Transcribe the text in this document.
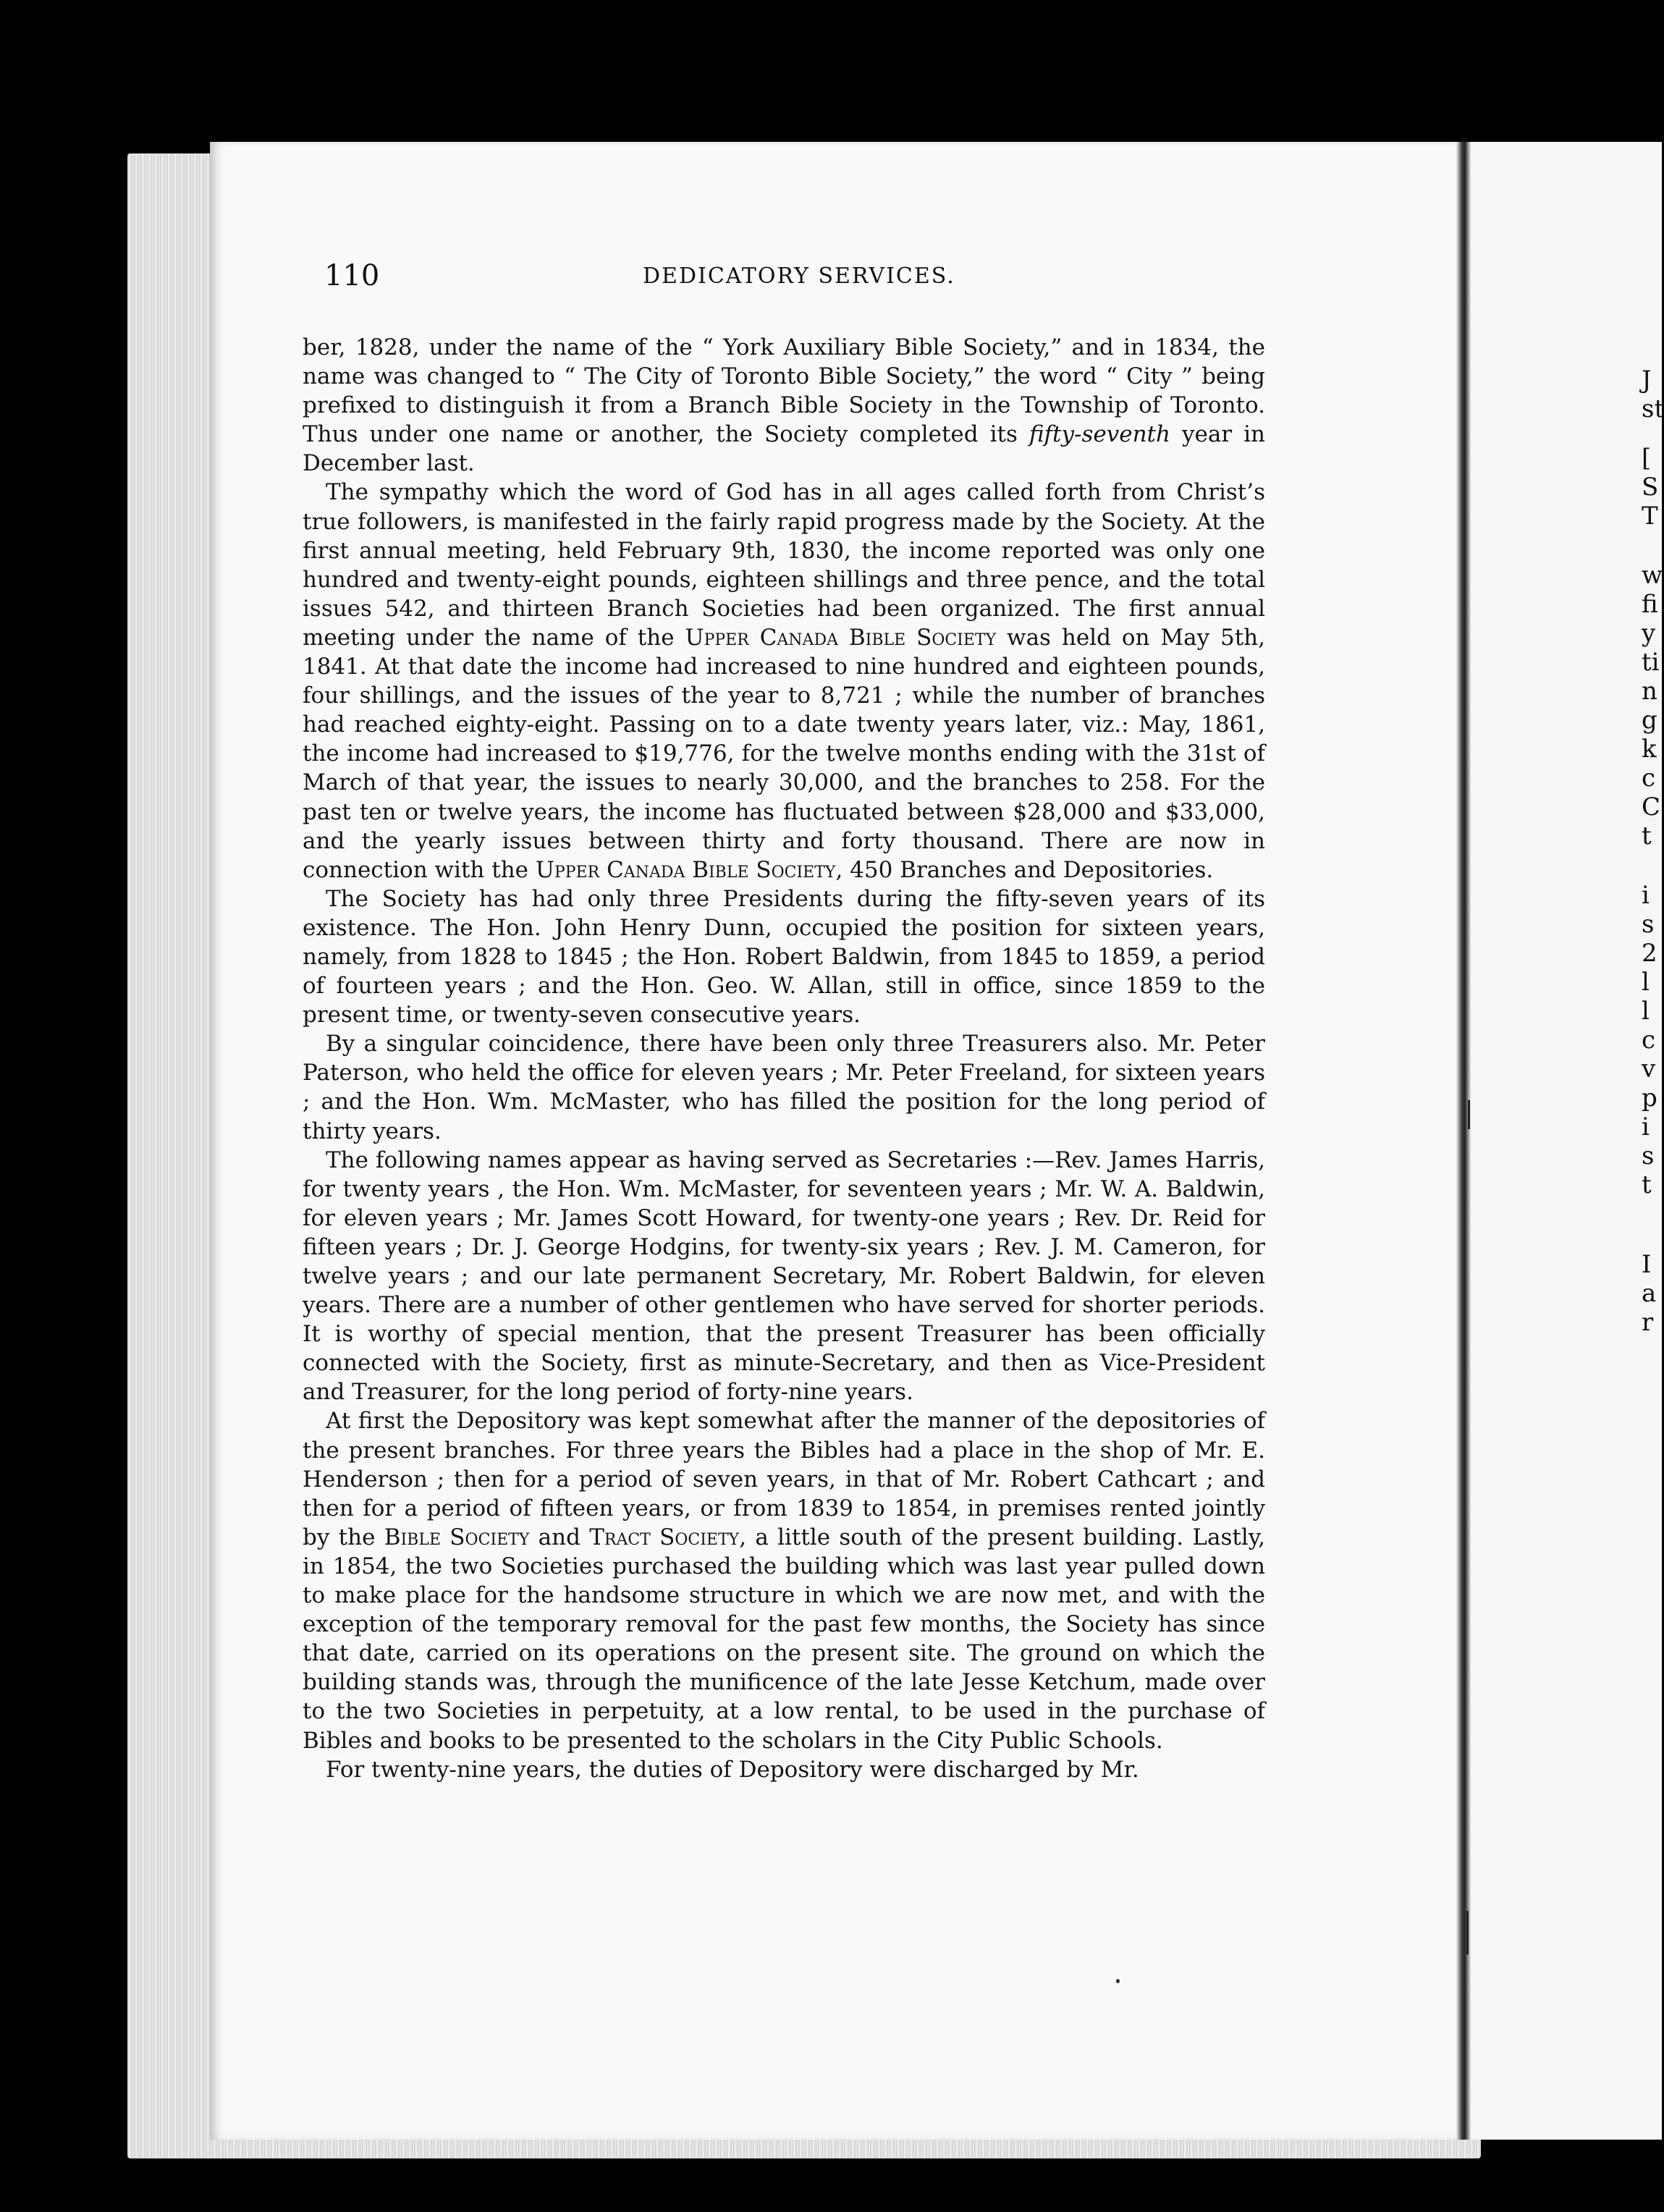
J
st
[
S
T
w
fi
y
ti
n
g
k
c
C
t
i
s
2
l
l
c
v
p
i
s
t
I
a
r
110	DEDICATORY SERVICES.

ber, 1828, under the name of the “ York Auxiliary Bible Society,” and in 1834, the name was changed to “ The City of Toronto Bible Society,” the word “ City ” being prefixed to distinguish it from a Branch Bible Society in the Township of Toronto. Thus under one name or another, the Society completed its fifty-seventh year in December last.

The sympathy which the word of God has in all ages called forth from Christ’s true followers, is manifested in the fairly rapid progress made by the Society. At the first annual meeting, held February 9th, 1830, the income reported was only one hundred and twenty-eight pounds, eighteen shillings and three pence, and the total issues 542, and thirteen Branch Societies had been organized. The first annual meeting under the name of the Upper Canada Bible Society was held on May 5th, 1841. At that date the income had increased to nine hundred and eighteen pounds, four shillings, and the issues of the year to 8,721 ; while the number of branches had reached eighty-eight. Passing on to a date twenty years later, viz.: May, 1861, the income had increased to $19,776, for the twelve months ending with the 31st of March of that year, the issues to nearly 30,000, and the branches to 258. For the past ten or twelve years, the income has fluctuated between $28,000 and $33,000, and the yearly issues between thirty and forty thousand. There are now in connection with the Upper Canada Bible Society, 450 Branches and Depositories.

The Society has had only three Presidents during the fifty-seven years of its existence. The Hon. John Henry Dunn, occupied the position for sixteen years, namely, from 1828 to 1845 ; the Hon. Robert Baldwin, from 1845 to 1859, a period of fourteen years ; and the Hon. Geo. W. Allan, still in office, since 1859 to the present time, or twenty-seven consecutive years.

By a singular coincidence, there have been only three Treasurers also. Mr. Peter Paterson, who held the office for eleven years ; Mr. Peter Freeland, for sixteen years ; and the Hon. Wm. McMaster, who has filled the position for the long period of thirty years.

The following names appear as having served as Secretaries :—Rev. James Harris, for twenty years , the Hon. Wm. McMaster, for seventeen years ; Mr. W. A. Baldwin, for eleven years ; Mr. James Scott Howard, for twenty-one years ; Rev. Dr. Reid for fifteen years ; Dr. J. George Hodgins, for twenty-six years ; Rev. J. M. Cameron, for twelve years ; and our late permanent Secretary, Mr. Robert Baldwin, for eleven years. There are a number of other gentlemen who have served for shorter periods. It is worthy of special mention, that the present Treasurer has been officially connected with the Society, first as minute-Secretary, and then as Vice-President and Treasurer, for the long period of forty-nine years.

At first the Depository was kept somewhat after the manner of the depositories of the present branches. For three years the Bibles had a place in the shop of Mr. E. Henderson ; then for a period of seven years, in that of Mr. Robert Cathcart ; and then for a period of fifteen years, or from 1839 to 1854, in premises rented jointly by the Bible Society and Tract Society, a little south of the present building. Lastly, in 1854, the two Societies purchased the building which was last year pulled down to make place for the handsome structure in which we are now met, and with the exception of the temporary removal for the past few months, the Society has since that date, carried on its operations on the present site. The ground on which the building stands was, through the munificence of the late Jesse Ketchum, made over to the two Societies in perpetuity, at a low rental, to be used in the purchase of Bibles and books to be presented to the scholars in the City Public Schools.

For twenty-nine years, the duties of Depository were discharged by Mr.
